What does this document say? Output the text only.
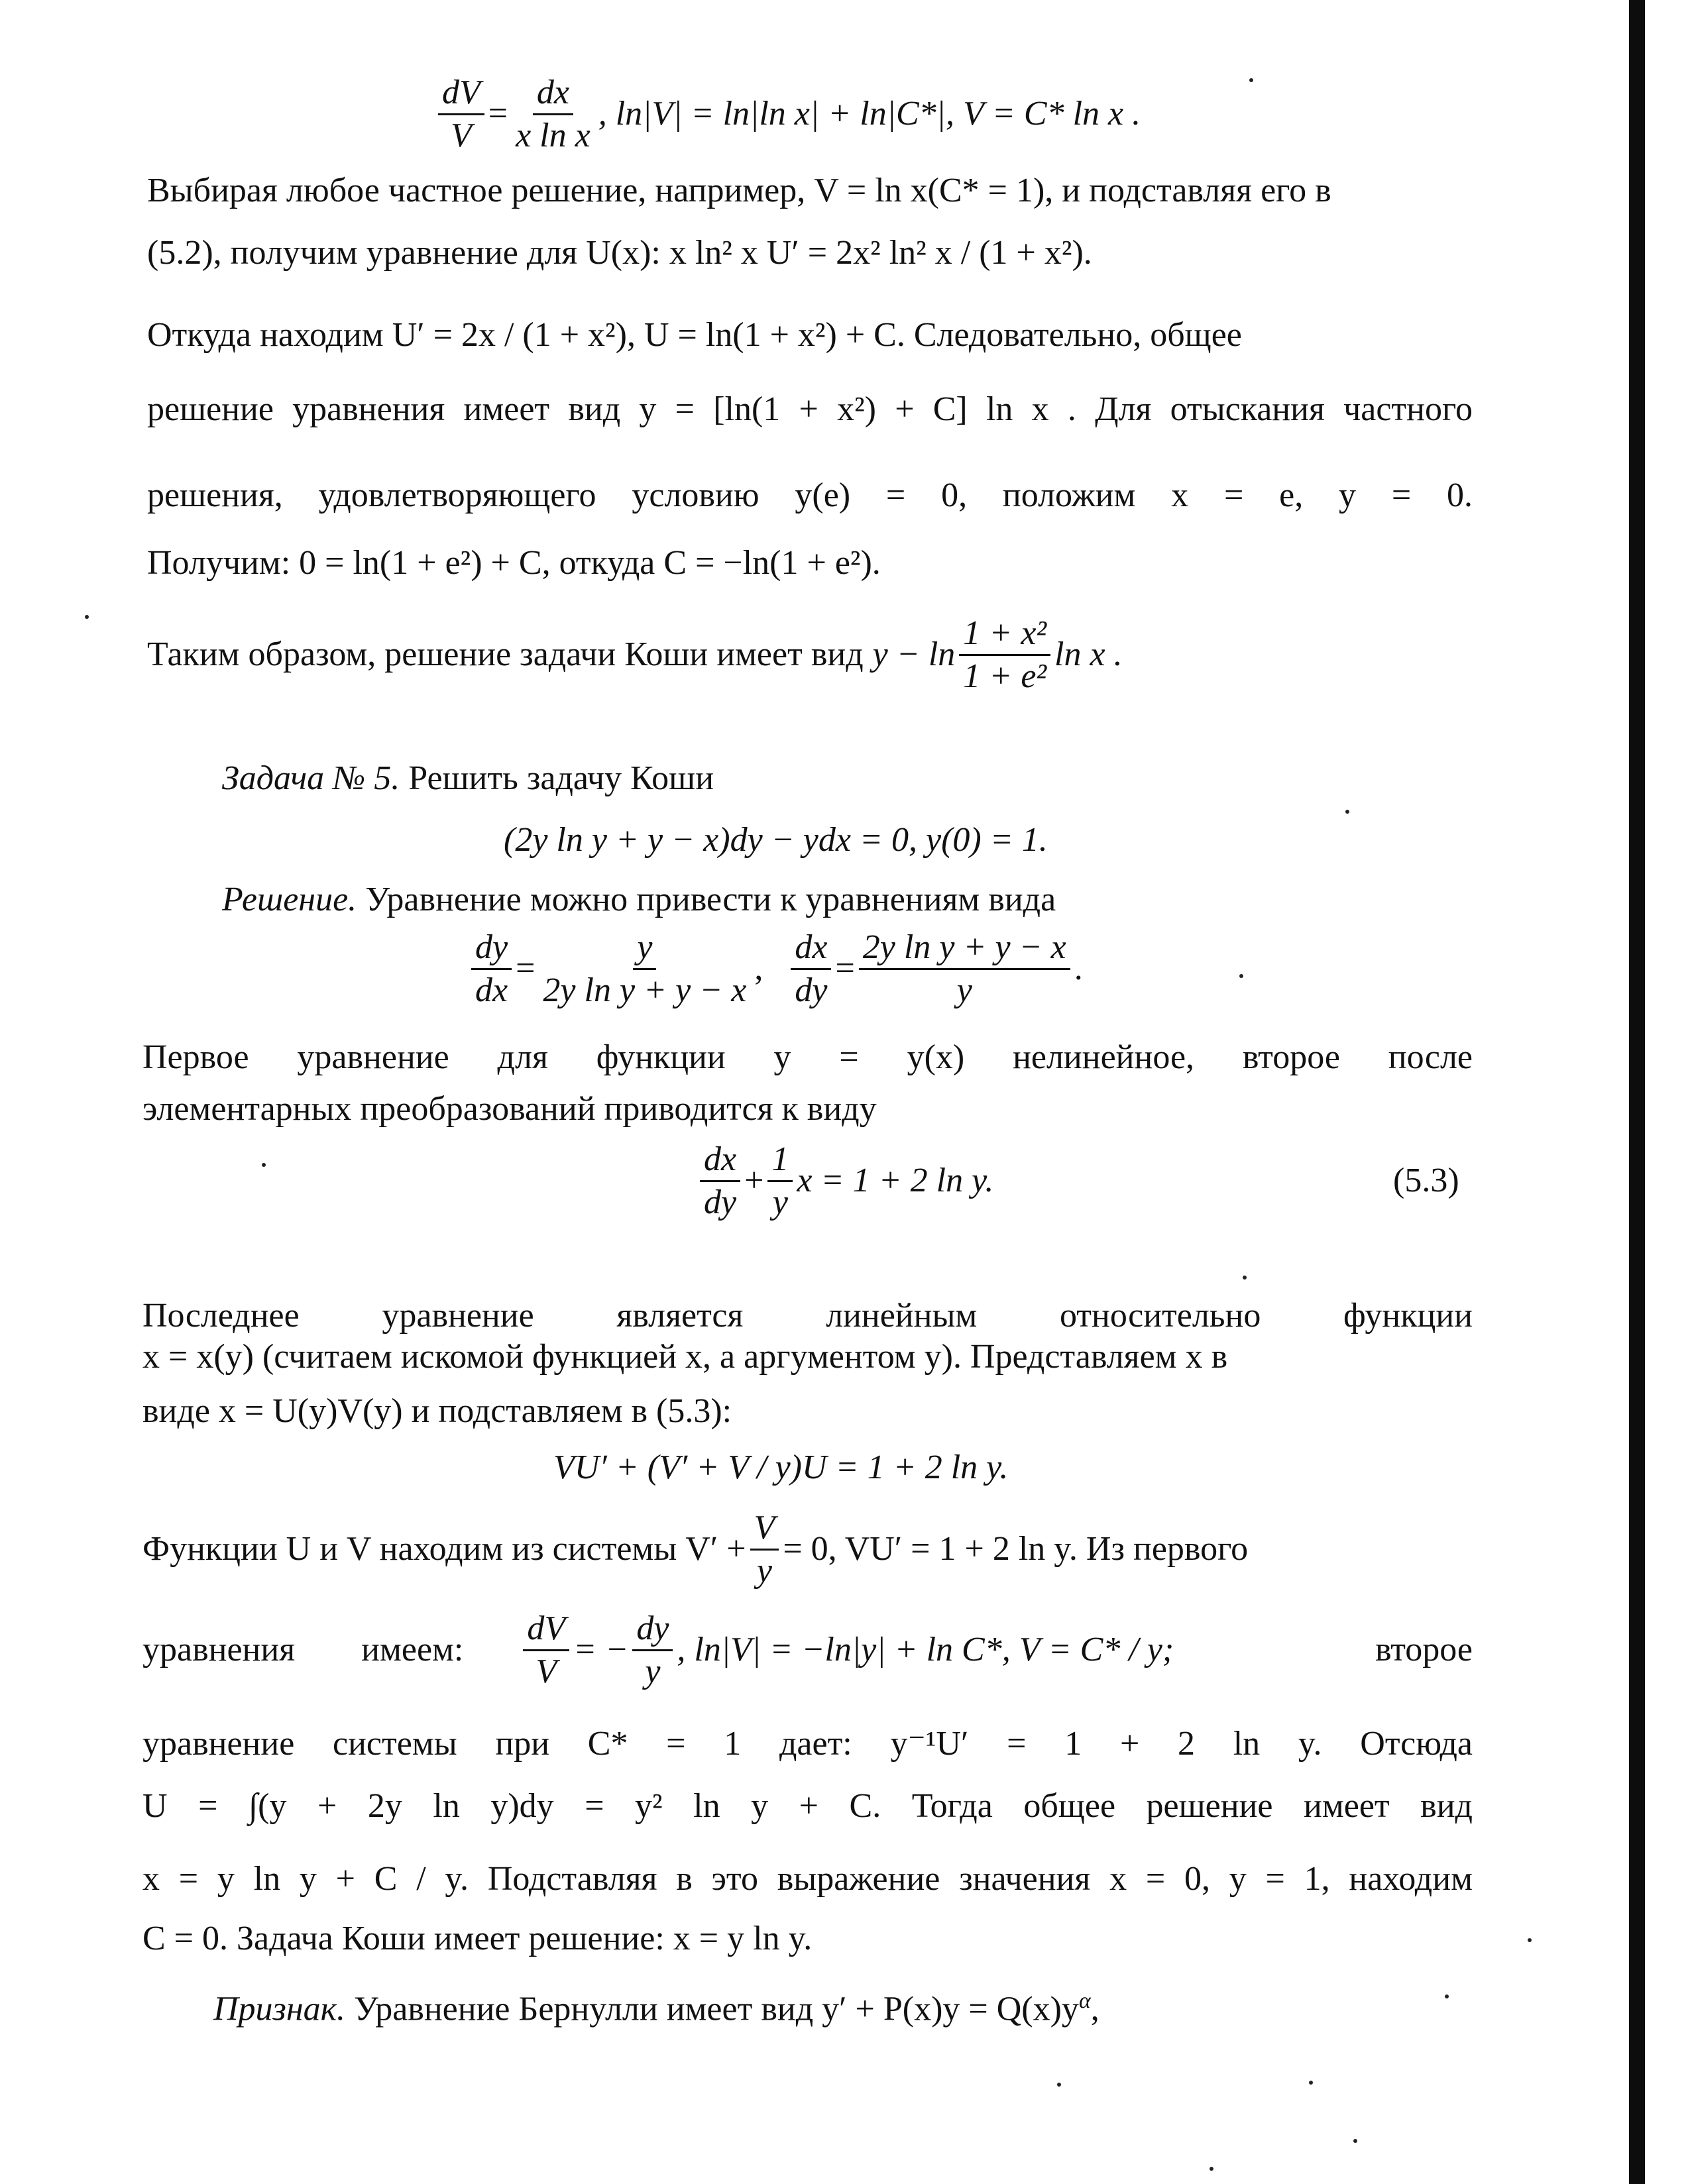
$\frac{dV}{V} = \frac{dx}{\text{x ln x}}$ , ln|V| = ln|ln x| + ln|C*|, V = C* ln x .
Выбирая любое частное решение, например, V = ln x(C* = 1), и подставляя его в
(5.2), получим уравнение для U(x): x ln² x U′ = 2x² ln² x / (1 + x²).
Откуда находим U′ = 2x / (1 + x²), U = ln(1 + x²) + C. Следовательно, общее
решение уравнения имеет вид y = [ln(1 + x²) + C] ln x . Для отыскания частного
решения, удовлетворяющего условию y(e) = 0, положим x = e, y = 0.
Получим: 0 = ln(1 + e²) + C, откуда C = −ln(1 + e²).
Таким образом, решение задачи Коши имеет вид $y - \ln \frac{\text{1 + x²}}{\text{1 + e²}}$ ln x .
Задача № 5. Решить задачу Коши
(2y ln y + y − x)dy − ydx = 0, y(0) = 1.
Решение. Уравнение можно привести к уравнениям вида
$\frac{dy}{dx} = \frac{y}{\text{2y ln y + y − x}}$ , $\frac{dx}{dy} = \frac{\text{2y ln y + y − x}}{y}$ .
Первое уравнение для функции y = y(x) нелинейное, второе после
элементарных преобразований приводится к виду
$\frac{dx}{dy} + \frac{1}{y}$ x = 1 + 2 ln y.	(5.3)
Последнее уравнение является линейным относительно функции
x = x(y) (считаем искомой функцией x, а аргументом y). Представляем x в
виде x = U(y)V(y) и подставляем в (5.3):
VU′ + (V′ + V / y)U = 1 + 2 ln y.
Функции U и V находим из системы $V' + \frac{V}{y} = 0$, VU′ = 1 + 2 ln y. Из первого
уравнения имеем: $\frac{dV}{V}$ = − $\frac{dy}{y}$ , ln|V| = −ln|y| + ln C*, V = C* / y;	второе
уравнение системы при C* = 1 дает: y⁻¹U′ = 1 + 2 ln y. Отсюда
U = ∫(y + 2y ln y)dy = y² ln y + C. Тогда общее решение имеет вид
x = y ln y + C / y. Подставляя в это выражение значения x = 0, y = 1, находим
C = 0. Задача Коши имеет решение: x = y ln y.
Признак. Уравнение Бернулли имеет вид $y' + P(x)y = Q(x)y^\alpha$,
